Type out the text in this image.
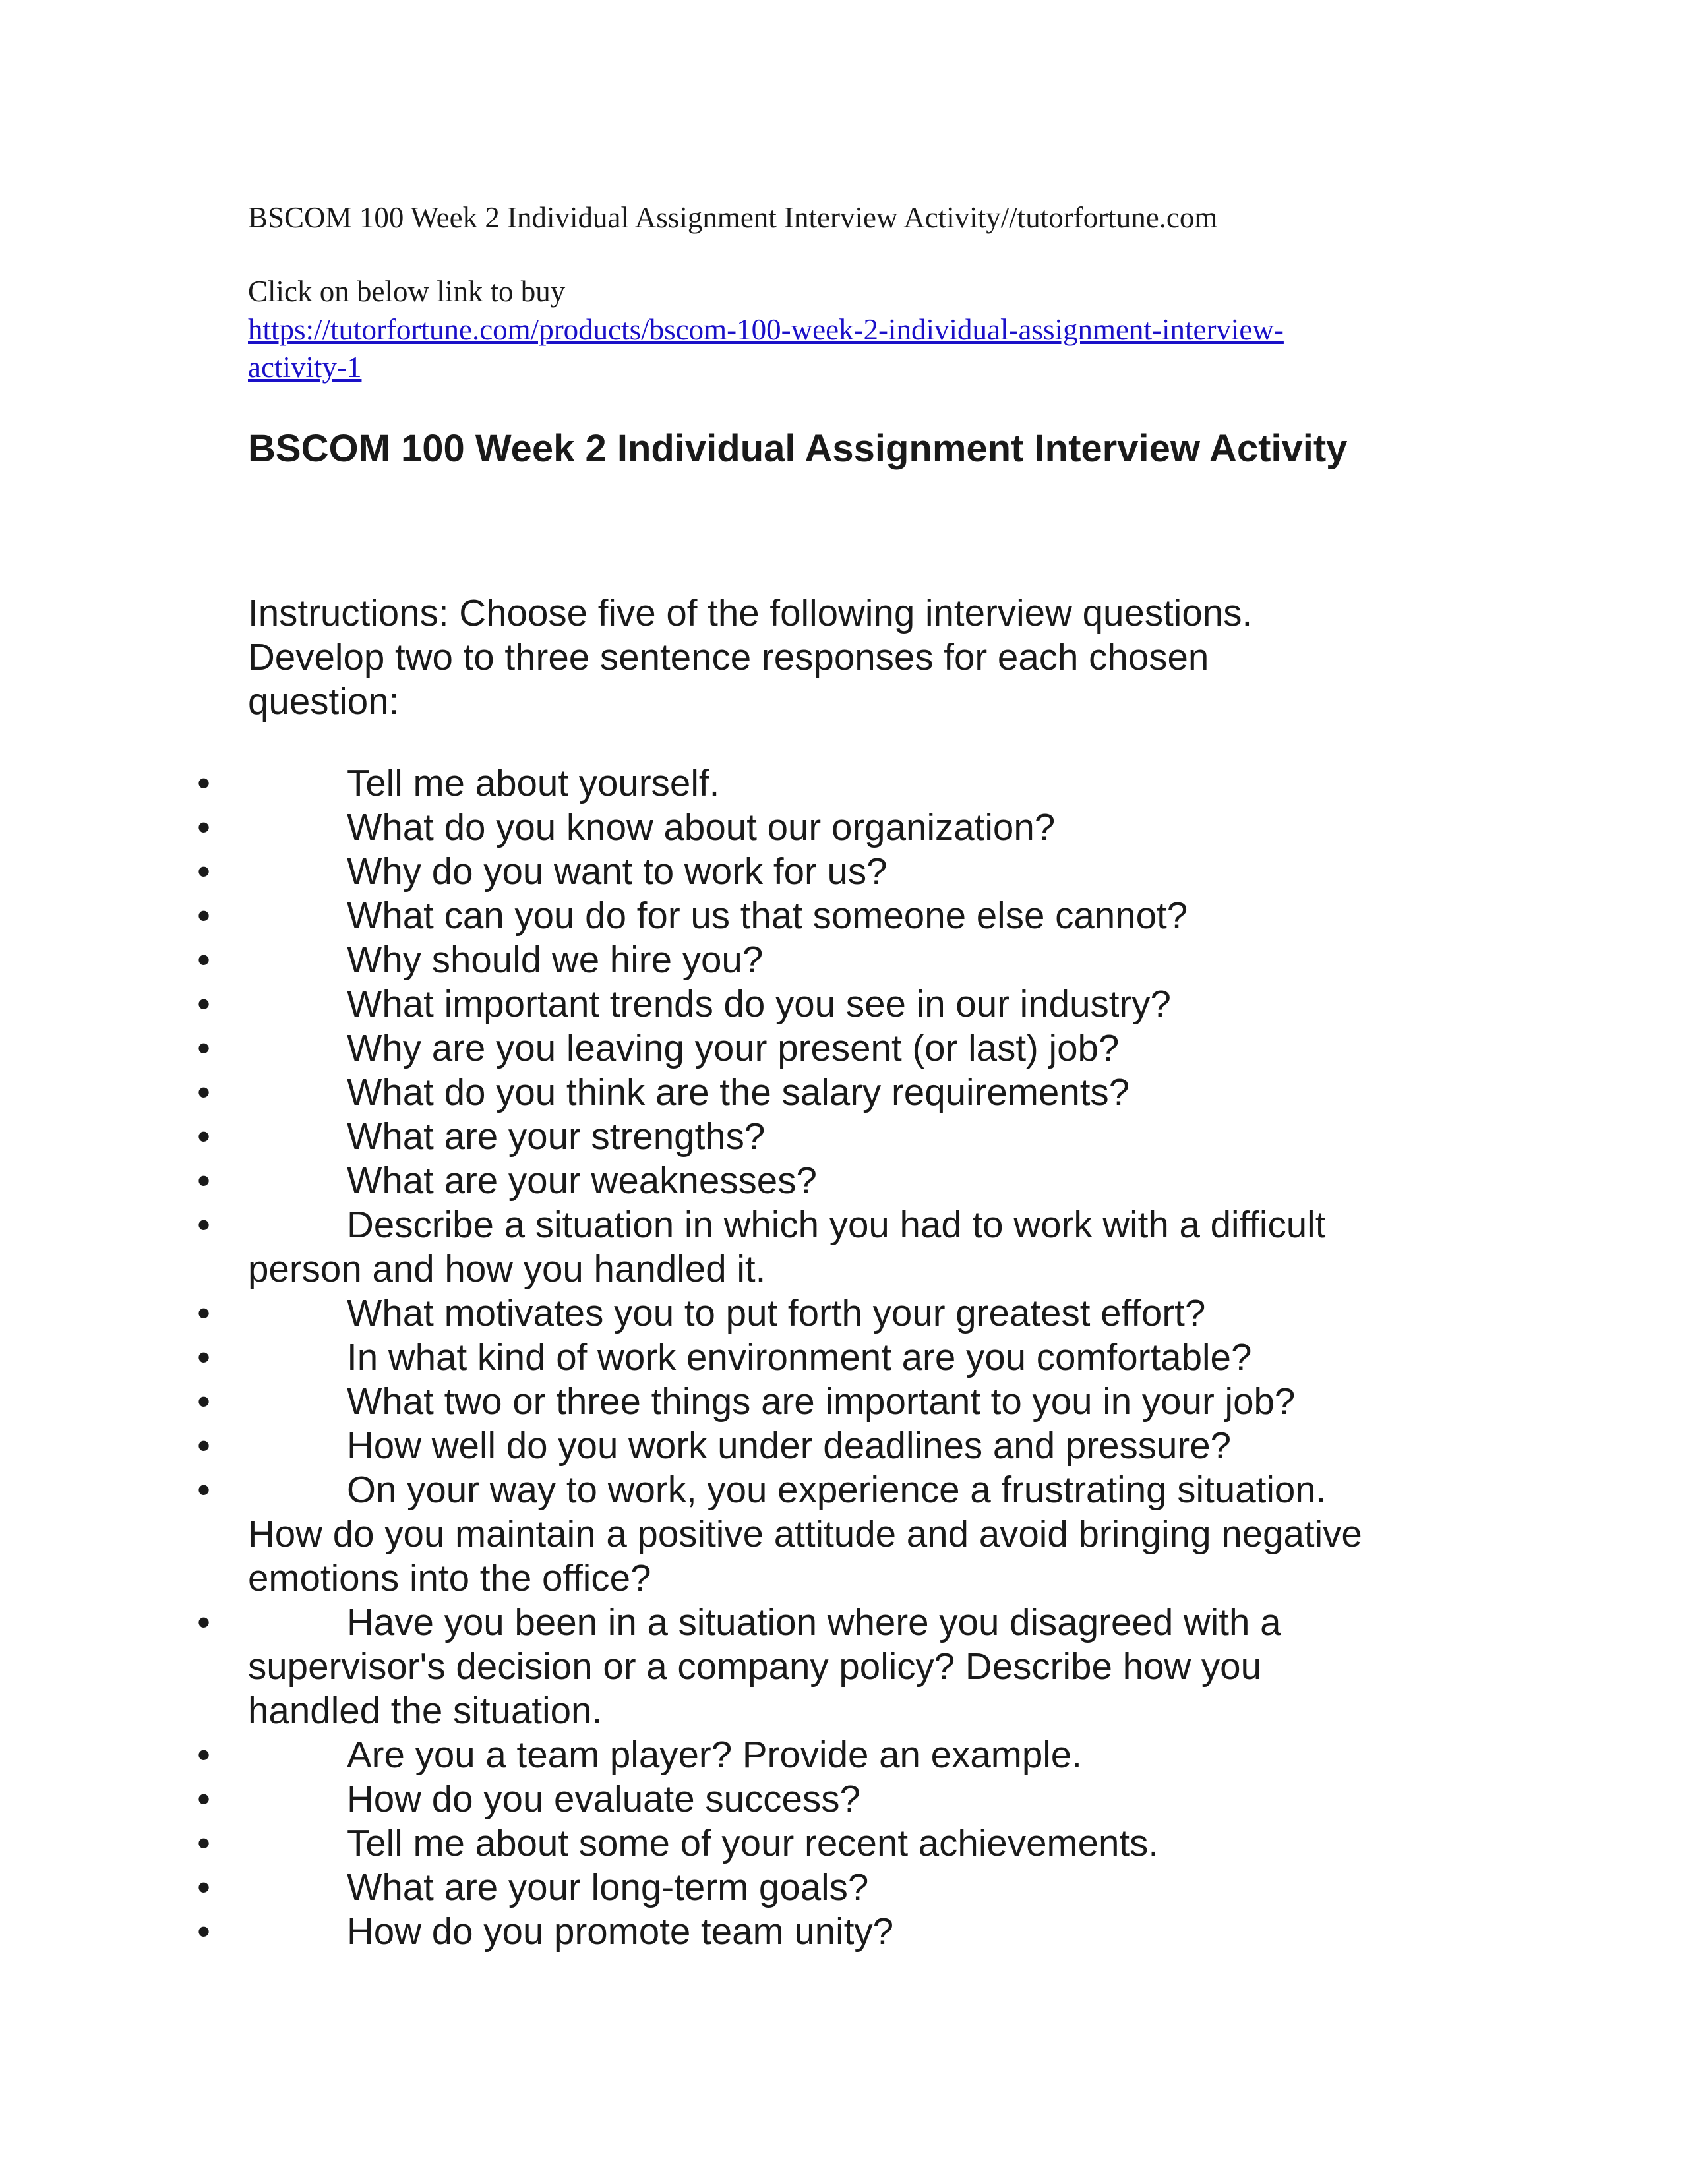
BSCOM 100 Week 2 Individual Assignment Interview Activity//tutorfortune.com
Click on below link to buy
https://tutorfortune.com/products/bscom-100-week-2-individual-assignment-interview-
activity-1
BSCOM 100 Week 2 Individual Assignment Interview Activity

Instructions: Choose five of the following interview questions.
Develop two to three sentence responses for each chosen
question:

•	Tell me about yourself.
•	What do you know about our organization?
•	Why do you want to work for us?
•	What can you do for us that someone else cannot?
•	Why should we hire you?
•	What important trends do you see in our industry?
•	Why are you leaving your present (or last) job?
•	What do you think are the salary requirements?
•	What are your strengths?
•	What are your weaknesses?
•	Describe a situation in which you had to work with a difficult
person and how you handled it.
•	What motivates you to put forth your greatest effort?
•	In what kind of work environment are you comfortable?
•	What two or three things are important to you in your job?
•	How well do you work under deadlines and pressure?
•	On your way to work, you experience a frustrating situation.
How do you maintain a positive attitude and avoid bringing negative
emotions into the office?
•	Have you been in a situation where you disagreed with a
supervisor's decision or a company policy? Describe how you
handled the situation.
•	Are you a team player? Provide an example.
•	How do you evaluate success?
•	Tell me about some of your recent achievements.
•	What are your long-term goals?
•	How do you promote team unity?
